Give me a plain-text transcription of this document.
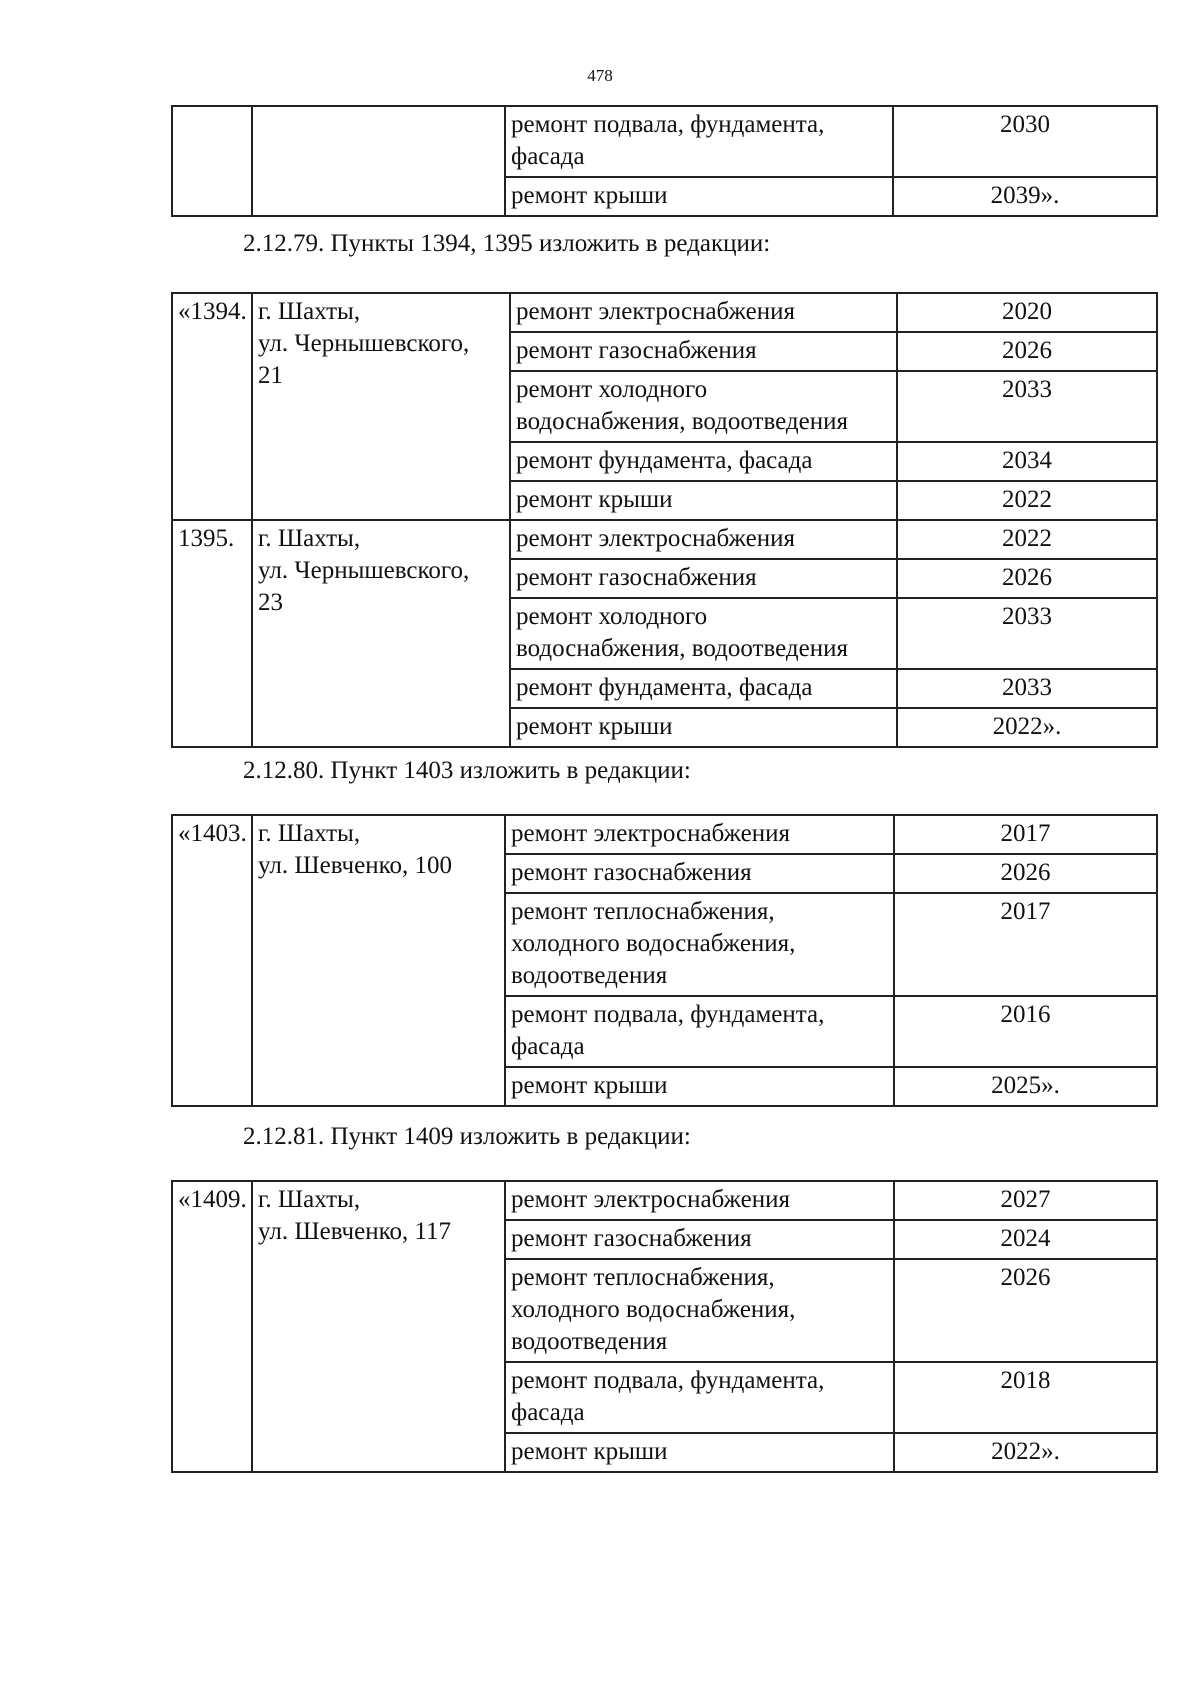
478

		ремонт подвала, фундамента,
фасада	2030

		ремонт крыши	2039».
2.12.79. Пункты 1394, 1395 изложить в редакции:
«1394.	г. Шахты,
ул. Чернышевского,
21	ремонт электроснабжения	2020

		ремонт газоснабжения	2026

		ремонт холодного
водоснабжения, водоотведения	2033

		ремонт фундамента, фасада	2034

		ремонт крыши	2022
1395.	г. Шахты,
ул. Чернышевского,
23	ремонт электроснабжения	2022

		ремонт газоснабжения	2026

		ремонт холодного
водоснабжения, водоотведения	2033

		ремонт фундамента, фасада	2033

		ремонт крыши	2022».
2.12.80. Пункт 1403 изложить в редакции:
«1403.	г. Шахты,
ул. Шевченко, 100	ремонт электроснабжения	2017

		ремонт газоснабжения	2026

		ремонт теплоснабжения,
холодного водоснабжения,
водоотведения	2017

		ремонт подвала, фундамента,
фасада	2016

		ремонт крыши	2025».
2.12.81. Пункт 1409 изложить в редакции:
«1409.	г. Шахты,
ул. Шевченко, 117	ремонт электроснабжения	2027

		ремонт газоснабжения	2024

		ремонт теплоснабжения,
холодного водоснабжения,
водоотведения	2026

		ремонт подвала, фундамента,
фасада	2018

		ремонт крыши	2022».
